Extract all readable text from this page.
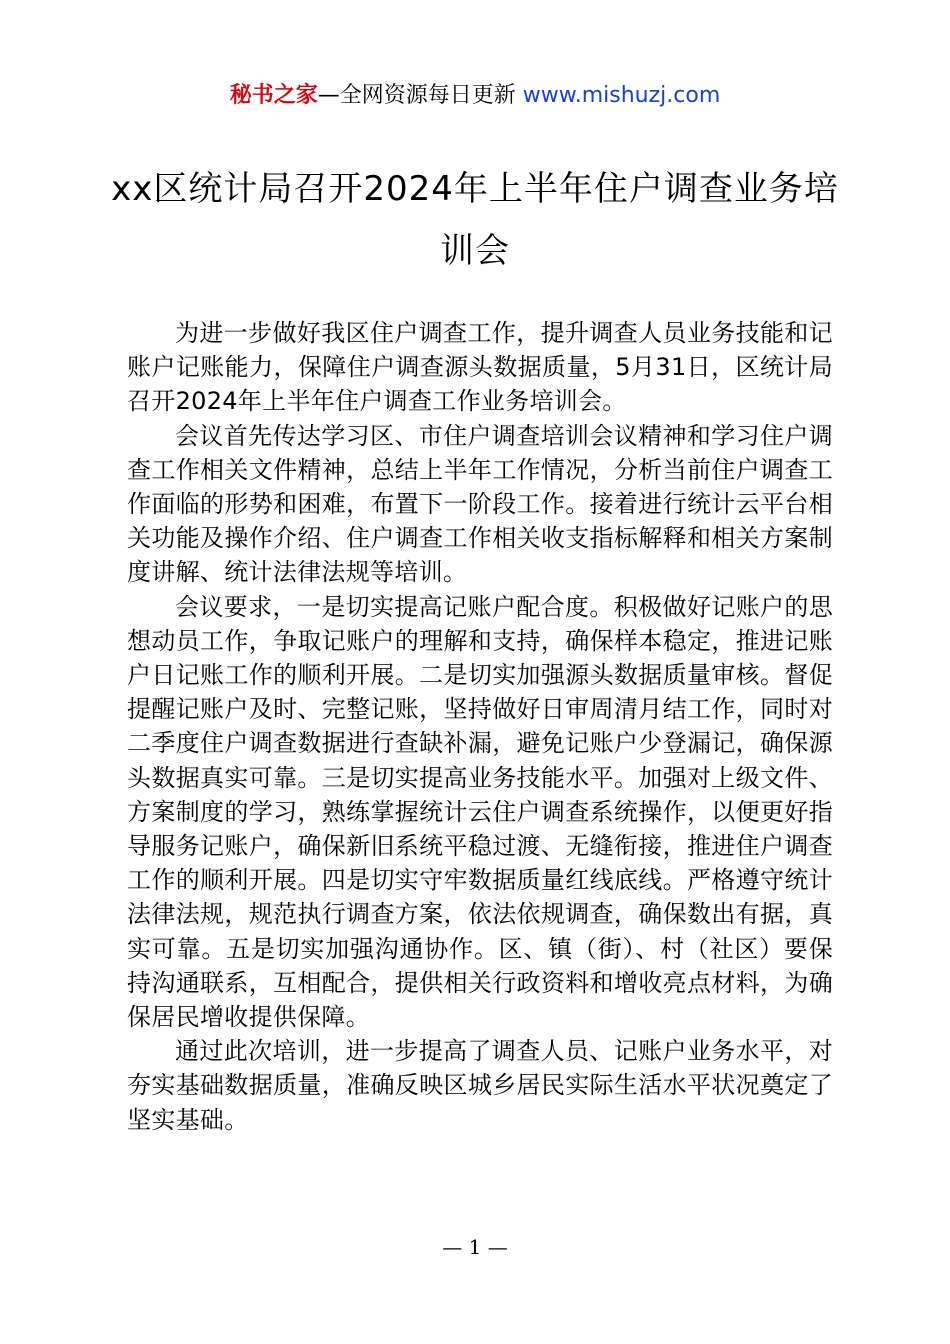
秘书之家—全网资源每日更新 www.mishuzj.com
xx区统计局召开2024年上半年住户调查业务培训会

为进一步做好我区住户调查工作，提升调查人员业务技能和记账户记账能力，保障住户调查源头数据质量，5月31日，区统计局召开2024年上半年住户调查工作业务培训会。

会议首先传达学习区、市住户调查培训会议精神和学习住户调查工作相关文件精神，总结上半年工作情况，分析当前住户调查工作面临的形势和困难，布置下一阶段工作。接着进行统计云平台相关功能及操作介绍、住户调查工作相关收支指标解释和相关方案制度讲解、统计法律法规等培训。

会议要求，一是切实提高记账户配合度。积极做好记账户的思想动员工作，争取记账户的理解和支持，确保样本稳定，推进记账户日记账工作的顺利开展。二是切实加强源头数据质量审核。督促提醒记账户及时、完整记账，坚持做好日审周清月结工作，同时对二季度住户调查数据进行查缺补漏，避免记账户少登漏记，确保源头数据真实可靠。三是切实提高业务技能水平。加强对上级文件、方案制度的学习，熟练掌握统计云住户调查系统操作，以便更好指导服务记账户，确保新旧系统平稳过渡、无缝衔接，推进住户调查工作的顺利开展。四是切实守牢数据质量红线底线。严格遵守统计法律法规，规范执行调查方案，依法依规调查，确保数出有据，真实可靠。五是切实加强沟通协作。区、镇（街）、村（社区）要保持沟通联系，互相配合，提供相关行政资料和增收亮点材料，为确保居民增收提供保障。

通过此次培训，进一步提高了调查人员、记账户业务水平，对夯实基础数据质量，准确反映区城乡居民实际生活水平状况奠定了坚实基础。

— 1 —
